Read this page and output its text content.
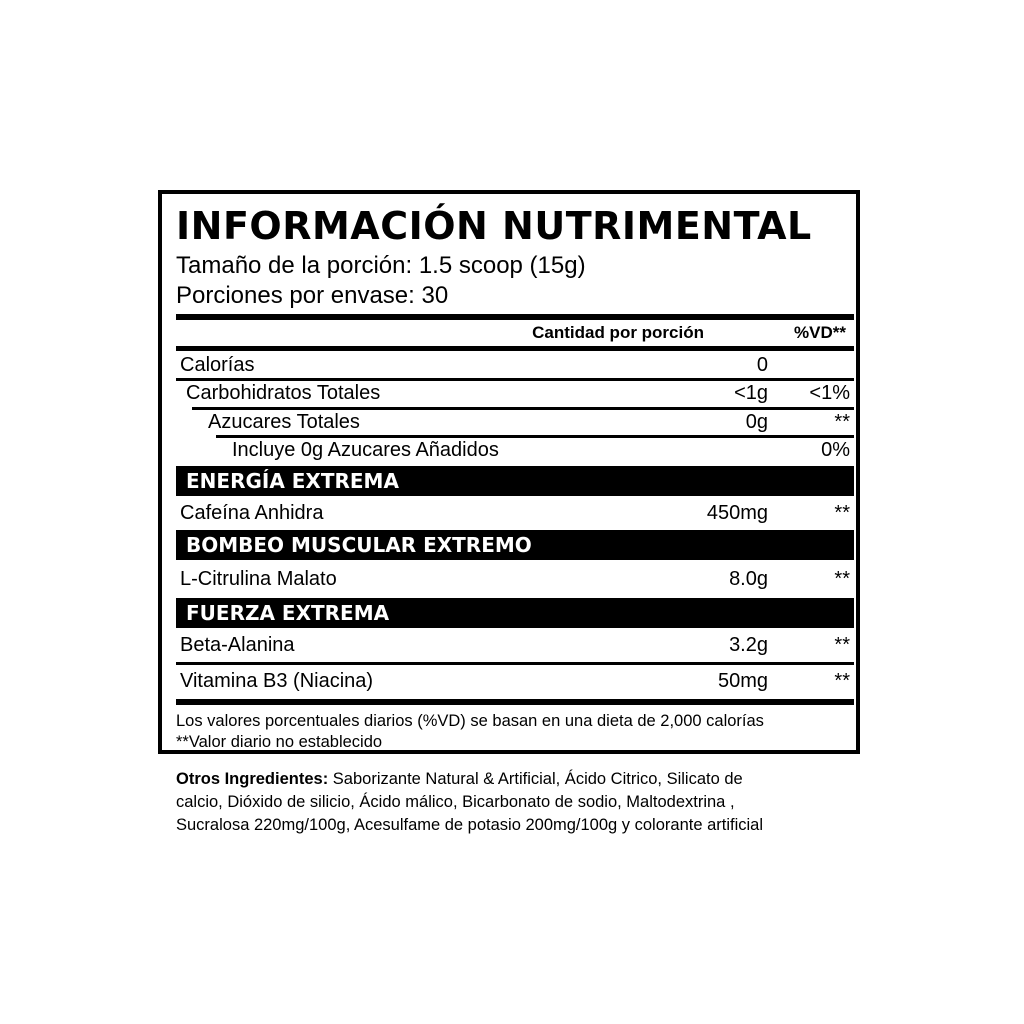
INFORMACIÓN NUTRIMENTAL
Tamaño de la porción: 1.5 scoop (15g)
Porciones por envase: 30
Cantidad por porción	%VD**
Calorías	0
Carbohidratos Totales	<1g <1%
Azucares Totales	0g	**
Incluye 0g Azucares Añadidos	0%
ENERGÍA EXTREMA
Cafeína Anhidra	450mg	**
BOMBEO MUSCULAR EXTREMO
L-Citrulina Malato	8.0g	**
FUERZA EXTREMA
Beta-Alanina	3.2g	**
Vitamina B3 (Niacina)	50mg	**
Los valores porcentuales diarios (%VD) se basan en una dieta de 2,000 calorías
**Valor diario no establecido
Otros Ingredientes: Saborizante Natural & Artificial, Ácido Citrico, Silicato de
calcio, Dióxido de silicio, Ácido málico, Bicarbonato de sodio, Maltodextrina ,
Sucralosa 220mg/100g, Acesulfame de potasio 200mg/100g y colorante artificial
